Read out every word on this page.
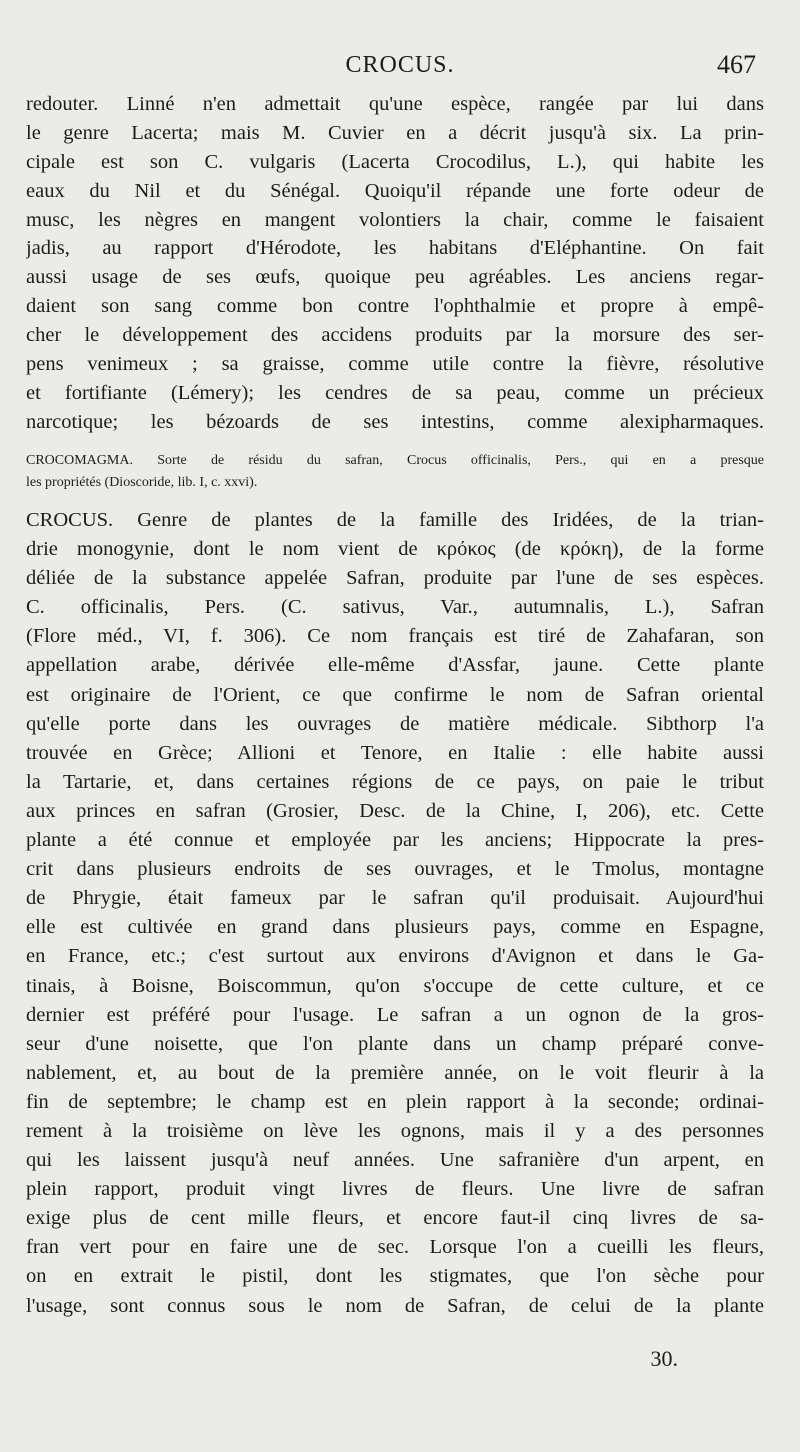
CROCUS.	467
redouter. Linné n'en admettait qu'une espèce, rangée par lui dans
le genre Lacerta; mais M. Cuvier en a décrit jusqu'à six. La prin-
cipale est son C. vulgaris (Lacerta Crocodilus, L.), qui habite les
eaux du Nil et du Sénégal. Quoiqu'il répande une forte odeur de
musc, les nègres en mangent volontiers la chair, comme le faisaient
jadis, au rapport d'Hérodote, les habitans d'Eléphantine. On fait
aussi usage de ses œufs, quoique peu agréables. Les anciens regar-
daient son sang comme bon contre l'ophthalmie et propre à empê-
cher le développement des accidens produits par la morsure des ser-
pens venimeux ; sa graisse, comme utile contre la fièvre, résolutive
et fortifiante (Lémery); les cendres de sa peau, comme un précieux
narcotique; les bézoards de ses intestins, comme alexipharmaques.
CROCOMAGMA. Sorte de résidu du safran, Crocus officinalis, Pers., qui en a presque
les propriétés (Dioscoride, lib. I, c. xxvi).
CROCUS. Genre de plantes de la famille des Iridées, de la trian-
drie monogynie, dont le nom vient de κρόκος (de κρόκη), de la forme
déliée de la substance appelée Safran, produite par l'une de ses espèces.
C. officinalis, Pers. (C. sativus, Var., autumnalis, L.), Safran
(Flore méd., VI, f. 306). Ce nom français est tiré de Zahafaran, son
appellation arabe, dérivée elle-même d'Assfar, jaune. Cette plante
est originaire de l'Orient, ce que confirme le nom de Safran oriental
qu'elle porte dans les ouvrages de matière médicale. Sibthorp l'a
trouvée en Grèce; Allioni et Tenore, en Italie : elle habite aussi
la Tartarie, et, dans certaines régions de ce pays, on paie le tribut
aux princes en safran (Grosier, Desc. de la Chine, I, 206), etc. Cette
plante a été connue et employée par les anciens; Hippocrate la pres-
crit dans plusieurs endroits de ses ouvrages, et le Tmolus, montagne
de Phrygie, était fameux par le safran qu'il produisait. Aujourd'hui
elle est cultivée en grand dans plusieurs pays, comme en Espagne,
en France, etc.; c'est surtout aux environs d'Avignon et dans le Ga-
tinais, à Boisne, Boiscommun, qu'on s'occupe de cette culture, et ce
dernier est préféré pour l'usage. Le safran a un ognon de la gros-
seur d'une noisette, que l'on plante dans un champ préparé conve-
nablement, et, au bout de la première année, on le voit fleurir à la
fin de septembre; le champ est en plein rapport à la seconde; ordinai-
rement à la troisième on lève les ognons, mais il y a des personnes
qui les laissent jusqu'à neuf années. Une safranière d'un arpent, en
plein rapport, produit vingt livres de fleurs. Une livre de safran
exige plus de cent mille fleurs, et encore faut-il cinq livres de sa-
fran vert pour en faire une de sec. Lorsque l'on a cueilli les fleurs,
on en extrait le pistil, dont les stigmates, que l'on sèche pour
l'usage, sont connus sous le nom de Safran, de celui de la plante
30.
